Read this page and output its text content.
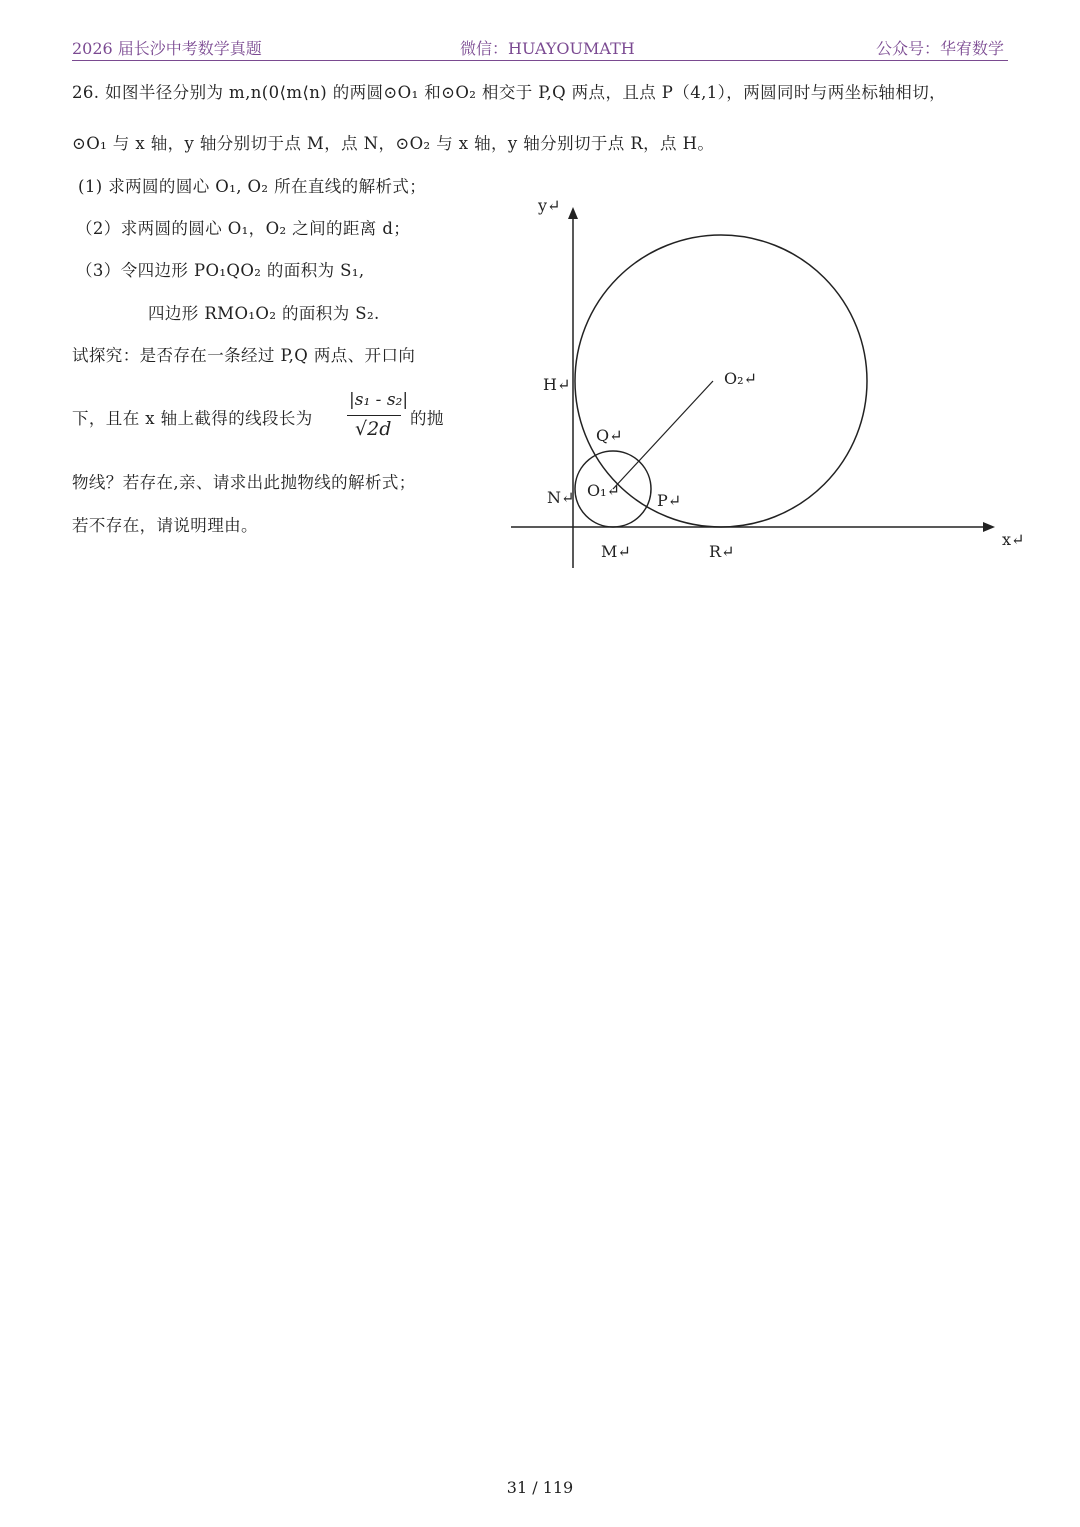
2026 届长沙中考数学真题	微信：HUAYOUMATH	公众号：华宥数学
26. 如图半径分别为 m,n(0⟨m⟨n) 的两圆⊙O₁ 和⊙O₂ 相交于 P,Q 两点，且点 P（4,1），两圆同时与两坐标轴相切，
⊙O₁ 与 x 轴，y 轴分别切于点 M，点 N，⊙O₂ 与 x 轴，y 轴分别切于点 R，点 H。
(1) 求两圆的圆心 O₁, O₂ 所在直线的解析式；
（2）求两圆的圆心 O₁，O₂ 之间的距离 d；
（3）令四边形 PO₁QO₂ 的面积为 S₁,
四边形 RMO₁O₂ 的面积为 S₂.
试探究：是否存在一条经过 P,Q 两点、开口向
下，且在 x 轴上截得的线段长为
|s₁ - s₂|
√2d 的抛
物线？若存在,亲、请求出此抛物线的解析式；
若不存在，请说明理由。
y↵
x↵
H↵	O₂↵
Q↵
N↵ O₁↵
P↵
M↵	R↵
31 / 119
